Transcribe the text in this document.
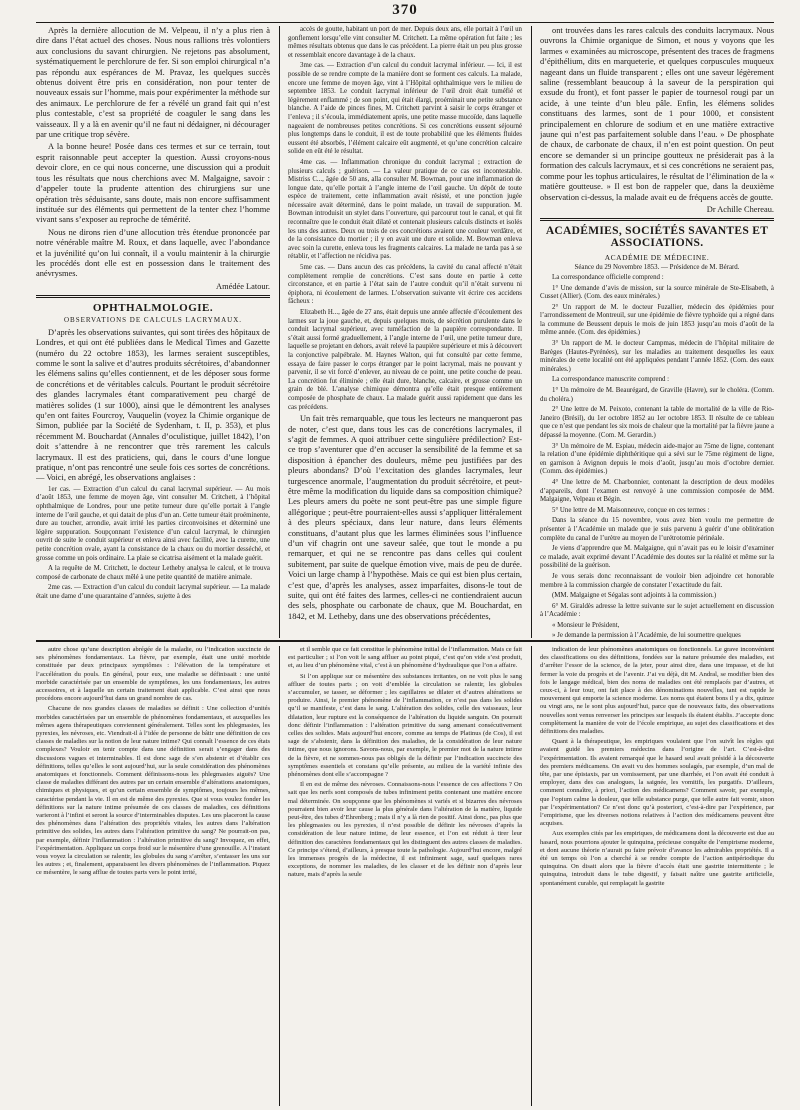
370

Après la dernière allocution de M. Velpeau, il n’y a plus rien à dire dans l’état actuel des choses. Nous nous rallions très volontiers aux conclusions du savant chirurgien. Ne rejetons pas absolument, systématiquement le perchlorure de fer. Si son emploi chirurgical n’a pas répondu aux espérances de M. Pravaz, les quelques succès obtenus doivent être pris en considération, non pour tenter de nouveaux essais sur l’homme, mais pour expérimenter la méthode sur des animaux. Le perchlorure de fer a révélé un grand fait qui n’est plus contestable, c’est sa propriété de coaguler le sang dans les vaisseaux. Il y a là en avenir qu’il ne faut ni dédaigner, ni décourager par une critique trop sévère.

A la bonne heure! Posée dans ces termes et sur ce terrain, tout esprit raisonnable peut accepter la question. Aussi croyons-nous devoir clore, en ce qui nous concerne, une discussion qui a produit tous les résultats que nous cherchions avec M. Malgaigne, savoir : d’appeler toute la prudente attention des chirurgiens sur une opération très séduisante, sans doute, mais non encore suffisamment instituée sur des éléments qui permettent de la tenter chez l’homme vivant sans s’exposer au reproche de témérité.

Nous ne dirons rien d’une allocution très étendue prononcée par notre vénérable maître M. Roux, et dans laquelle, avec l’abondance et la juvénilité qu’on lui connaît, il a voulu maintenir à la chirurgie les procédés dont elle est en possession dans le traitement des anévrysmes.

Amédée Latour.
OPHTHALMOLOGIE.
OBSERVATIONS DE CALCULS LACRYMAUX.

D’après les observations suivantes, qui sont tirées des hôpitaux de Londres, et qui ont été publiées dans le Medical Times and Gazette (numéro du 22 octobre 1853), les larmes seraient susceptibles, comme le sont la salive et d’autres produits sécrétoires, d’abandonner les élémens salins qu’elles contiennent, et de les déposer sous forme de concrétions et de véritables calculs. Pourtant le produit sécrétoire des glandes lacrymales étant comparativement peu chargé de matières solides (1 sur 1000), ainsi que le démontrent les analyses qu’en ont faites Fourcroy, Vauquelin (voyez la Chimie organique de Simon, publiée par la Société de Sydenham, t. II, p. 353), et plus récemment M. Bouchardat (Annales d’oculistique, juillet 1842), l’on doit s’attendre à ne rencontrer que très rarement les calculs lacrymaux. Il est des praticiens, qui, dans le cours d’une longue pratique, n’ont pas rencontré une seule fois ces sortes de concrétions. — Voici, en abrégé, les observations anglaises :

1er cas. — Extraction d’un calcul du canal lacrymal supérieur. — Au mois d’août 1853, une femme de moyen âge, vint consulter M. Critchett, à l’hôpital ophthalmique de Londres, pour une petite tumeur dure qu’elle portait à l’angle interne de l’œil gauche, et qui datait de plus d’un an. Cette tumeur était proéminente, dure au toucher, arrondie, avait irrité les parties circonvoisines et déterminé une légère suppuration. Soupçonnant l’existence d’un calcul lacrymal, le chirurgien ouvrit de suite le conduit supérieur et enleva ainsi avec facilité, avec la curette, une petite concrétion ovale, ayant la consistance de la chaux ou du mortier desséché, et grosse comme un pois ordinaire. La plaie se cicatrisa aisément et la malade guérit.

A la requête de M. Critchett, le docteur Letheby analysa le calcul, et le trouva composé de carbonate de chaux mêlé à une petite quantité de matière animale.

2me cas. — Extraction d’un calcul du conduit lacrymal supérieur. — La malade était une dame d’une quarantaine d’années, sujette à des

accès de goutte, habitant un port de mer. Depuis deux ans, elle portait à l’œil un gonflement lorsqu’elle vint consulter M. Critchett. La même opération fut faite ; les mêmes résultats obtenus que dans le cas précédent. La pierre était un peu plus grosse et ressemblait encore davantage à de la chaux.

3me cas. — Extraction d’un calcul du conduit lacrymal inférieur. — Ici, il est possible de se rendre compte de la manière dont se forment ces calculs. La malade, encore une femme de moyen âge, vint à l’Hôpital ophthalmique vers le milieu de septembre 1853. Le conduit lacrymal inférieur de l’œil droit était tuméfié et légèrement enflammé ; de son point, qui était élargi, proéminait une petite substance blanche. A l’aide de pinces fines, M. Critchett parvint à saisir le corps étranger et l’enleva ; il s’écoula, immédiatement après, une petite masse mucoïde, dans laquelle nageaient de nombreuses petites concrétions. Si ces concrétions eussent séjourné plus longtemps dans le conduit, il est de toute probabilité que les éléments fluides eussent été absorbés, l’élément calcaire eût augmenté, et qu’une concrétion calcaire solide en eût été le résultat.

4me cas. — Inflammation chronique du conduit lacrymal ; extraction de plusieurs calculs ; guérison. — La valeur pratique de ce cas est incontestable. Mistriss C..., âgée de 50 ans, alla consulter M. Bowman, pour une inflammation de longue date, qu’elle portait à l’angle interne de l’œil gauche. Un dépôt de toute espèce de traitement, cette inflammation avait résisté, et une ponction jugée nécessaire avait déterminé, dans le point malade, un travail de suppuration. M. Bowman introduisit un stylet dans l’ouverture, qui parcourut tout le canal, et qui fit reconnaître que le conduit était dilaté et contenait plusieurs calculs distincts et isolés les uns des autres. Deux ou trois de ces concrétions avaient une couleur verdâtre, et de la consistance du mortier ; il y en avait une dure et solide. M. Bowman enleva avec soin la curette, enleva tous les fragments calcaires. La malade ne tarda pas à se rétablir, et l’affection ne récidiva pas.

5me cas. — Dans aucun des cas précédens, la cavité du canal affecté n’était complètement remplie de concrétions. C’est sans doute en partie à cette circonstance, et en partie à l’état sain de l’autre conduit qu’il n’était survenu ni épiphora, ni écoulement de larmes. L’observation suivante vit écrire ces accidens fâcheux :

Elizabeth H..., âgée de 27 ans, était depuis une année affectée d’écoulement des larmes sur la joue gauche, et, depuis quelques mois, de sécrétion purulente dans le conduit lacrymal supérieur, avec tuméfaction de la paupière correspondante. Il s’était aussi formé graduellement, à l’angle interne de l’œil, une petite tumeur dure, laquelle se projetant en dehors, avait relevé la paupière supérieure et mis à découvert la conjonctive palpébrale. M. Haynes Walton, qui fut consulté par cette femme, essaya de faire passer le corps étranger par le point lacrymal, mais ne pouvant y parvenir, il se vit forcé d’enlever, au niveau de ce point, une petite couche de peau. La concrétion fut éliminée ; elle était dure, blanche, calcaire, et grosse comme un grain de blé. L’analyse chimique démontra qu’elle était presque entièrement composée de phosphate de chaux. La malade guérit aussi rapidement que dans les cas précédens.

Un fait très remarquable, que tous les lecteurs ne manqueront pas de noter, c’est que, dans tous les cas de concrétions lacrymales, il s’agit de femmes. A quoi attribuer cette singulière prédilection? Est-ce trop s’aventurer que d’en accuser la sensibilité de la femme et sa disposition à épancher des douleurs, même peu justifiées par des pleurs abondans? D’où l’excitation des glandes lacrymales, leur turgescence anormale, l’augmentation du produit sécrétoire, et peut-être même la modification du liquide dans sa composition chimique? Les pleurs amers du poète ne sont peut-être pas une simple figure allégorique ; peut-être pourraient-elles aussi s’appliquer littéralement à des pleurs spéciaux, dans leur nature, dans leurs éléments constituans, d’autant plus que les larmes éliminées sous l’influence d’un vif chagrin ont une saveur salée, que tout le monde a pu remarquer, et qui ne se rencontre pas dans celles qui coulent subitement, par suite de quelque émotion vive, mais de peu de durée. Voici un large champ à l’hypothèse. Mais ce qui est bien plus certain, c’est que, d’après les analyses, assez imparfaites, disons-le tout de suite, qui ont été faites des larmes, celles-ci ne contiendraient aucun des sels, phosphate ou carbonate de chaux, que M. Bouchardat, en 1842, et M. Letheby, dans une des observations précédentes,

ont trouvées dans les rares calculs des conduits lacrymaux. Nous ouvrons la Chimie organique de Simon, et nous y voyons que les larmes « examinées au microscope, présentent des traces de fragmens d’épithélium, dits en marqueterie, et quelques corpuscules muqueux nageant dans un fluide transparent ; elles ont une saveur légèrement saline (ressemblant beaucoup à la saveur de la perspiration qui exsude du front), et font passer le papier de tournesol rougi par un acide, à une teinte d’un bleu pâle. Enfin, les élémens solides constituans des larmes, sont de 1 pour 1000, et consistent principalement en chlorure de sodium et en une matière extractive jaune qui n’est pas parfaitement soluble dans l’eau. » De phosphate de chaux, de carbonate de chaux, il n’en est point question. On peut encore se demander si un principe goutteux ne présiderait pas à la formation des calculs lacrymaux, et si ces concrétions ne seraient pas, comme pour les tophus articulaires, le résultat de l’élimination de la « matière goutteuse. » Il est bon de rappeler que, dans la deuxième observation ci-dessus, la malade avait eu de fréquens accès de goutte.

Dr Achille Chereau.
ACADÉMIES, SOCIÉTÉS SAVANTES ET ASSOCIATIONS.
ACADÉMIE DE MÉDECINE.
Séance du 29 Novembre 1853. — Présidence de M. Bérard.

La correspondance officielle comprend :

1° Une demande d’avis de mission, sur la source minérale de Ste-Elisabeth, à Cusset (Allier). (Com. des eaux minérales.)

2° Un rapport de M. le docteur Fuzallier, médecin des épidémies pour l’arrondissement de Montreuil, sur une épidémie de fièvre typhoïde qui a régné dans la commune de Beussent depuis le mois de juin 1853 jusqu’au mois d’août de la même année. (Com. des épidémies.)

3° Un rapport de M. le docteur Campmas, médecin de l’hôpital militaire de Barèges (Hautes-Pyrénées), sur les maladies au traitement desquelles les eaux minérales de cette localité ont été appliquées pendant l’année 1852. (Com. des eaux minérales.)

La correspondance manuscrite comprend :

1° Un mémoire de M. Beaurégard, de Graville (Havre), sur le choléra. (Comm. du choléra.)

2° Une lettre de M. Peixoto, contenant la table de mortalité de la ville de Rio-Janeiro (Brésil), du 1er octobre 1852 au 1er octobre 1853. Il résulte de ce tableau que ce n’est que pendant les six mois de chaleur que la mortalité par la fièvre jaune a dépassé la moyenne. (Com. M. Gerardin.)

3° Un mémoire de M. Espiau, médecin aide-major au 75me de ligne, contenant la relation d’une épidémie diphthéritique qui a sévi sur le 75me régiment de ligne, en garnison à Avignon depuis le mois d’août, jusqu’au mois d’octobre dernier. (Comm. des épidémies.)

4° Une lettre de M. Charbonnier, contenant la description de deux modèles d’appareils, dont l’examen est renvoyé à une commission composée de MM. Malgaigne, Velpeau et Bégin.

5° Une lettre de M. Maisonneuve, conçue en ces termes :

Dans la séance du 15 novembre, vous avez bien voulu me permettre de présenter à l’Académie un malade que je suis parvenu à guérir d’une oblitération complète du canal de l’urètre au moyen de l’urétrotomie périnéale.

Je viens d’apprendre que M. Malgaigne, qui n’avait pas eu le loisir d’examiner ce malade, avait exprimé devant l’Académie des doutes sur la réalité et même sur la possibilité de la guérison.

Je vous serais donc reconnaissant de vouloir bien adjoindre cet honorable membre à la commission chargée de constater l’exactitude du fait.

(MM. Malgaigne et Ségalas sont adjoints à la commission.)

6° M. Giraldès adresse la lettre suivante sur le sujet actuellement en discussion à l’Académie :

« Monsieur le Président,

» Je demande la permission à l’Académie, de lui soumettre quelques

autre chose qu’une description abrégée de la maladie, ou l’indication succincte de ses phénomènes fondamentaux. La fièvre, par exemple, était une unité morbide constituée par deux principaux symptômes : l’élévation de la température et l’accélération du pouls. En général, pour eux, une maladie se définissait : une unité morbide caractérisée par un ensemble de symptômes, les uns fondamentaux, les autres accessoires, et à laquelle un certain traitement était applicable. C’est ainsi que nous procédons encore aujourd’hui dans un grand nombre de cas.

Chacune de nos grandes classes de maladies se définit : Une collection d’unités morbides caractérisées par un ensemble de phénomènes fondamentaux, et auxquelles les mêmes agens thérapeutiques conviennent généralement. Telles sont les phlegmasies, les pyrexies, les névroses, etc. Viendrait-il à l’idée de personne de bâtir une définition de ces classes de maladies sur la notion de leur nature intime? Qui connaît l’essence de ces états complexes? Vouloir en tenir compte dans une définition serait s’engager dans des discussions vagues et interminables. Il est donc sage de s’en abstenir et d’établir ces définitions, telles qu’elles le sont aujourd’hui, sur la seule considération des phénomènes anatomiques et fonctionnels. Comment définissons-nous les phlegmasies aiguës? Une classe de maladies différant des autres par un certain ensemble d’altérations anatomiques, chimiques et physiques, et qu’un certain ensemble de symptômes, toujours les mêmes, caractérise pendant la vie. Il en est de même des pyrexies. Que si vous voulez fonder les définitions sur la nature intime présumée de ces classes de maladies, ces définitions varieront à l’infini et seront la source d’interminables disputes. Les uns placeront la cause des phénomènes dans l’altération des propriétés vitales, les autres dans l’altération primitive des solides, les autres dans l’altération primitive du sang? Ne pourrait-on pas, par exemple, définir l’inflammation : l’altération primitive du sang? Invoquez, en effet, l’expérimentation. Appliquez un corps froid sur le mésentère d’une grenouille. A l’instant vous voyez la circulation se ralentir, les globules du sang s’arrêter, s’entasser les uns sur les autres ; et, finalement, apparaissent les divers phénomènes de l’inflammation. Piquez ce mésentère, le sang afflue de toutes parts vers le point irrité,

et il semble que ce fait constitue le phénomène initial de l’inflammation. Mais ce fait est particulier ; si l’on voit le sang affluer au point piqué, c’est qu’on vide s’est produit, et, au lieu d’un phénomène vital, c’est à un phénomène d’hydraulique que l’on a affaire.

Si l’on applique sur ce mésentère des substances irritantes, on ne voit plus le sang affluer de toutes parts ; on voit d’emblée la circulation se ralentir, les globules s’accumuler, se tasser, se déformer ; les capillaires se dilater et d’autres altérations se produire. Ainsi, le premier phénomène de l’inflammation, ce n’est pas dans les solides qu’il se manifeste, c’est dans le sang. L’altération des solides, celle des vaisseaux, leur dilatation, leur rupture est la conséquence de l’altération du liquide sanguin. On pourrait donc définir l’inflammation : l’altération primitive du sang amenant consécutivement celles des solides. Mais aujourd’hui encore, comme au temps de Platinus (de Cos), il est sage de s’abstenir, dans la définition des maladies, de la considération de leur nature intime, que nous ignorons. Savons-nous, par exemple, le premier mot de la nature intime de la fièvre, et ne sommes-nous pas obligés de la définir par l’indication succincte des symptômes essentiels et constans qu’elle présente, au milieu de la variété infinie des phénomènes dont elle s’accompagne ?

Il en est de même des névroses. Connaissons-nous l’essence de ces affections ? On sait que les nerfs sont composés de tubes infiniment petits contenant une matière encore mal déterminée. On soupçonne que les phénomènes si variés et si bizarres des névroses pourraient bien avoir leur cause la plus générale dans l’altération de la matière, liquide peut-être, des tubes d’Ehrenberg ; mais il n’y a là rien de positif. Ainsi donc, pas plus que les phlegmasies ou les pyrexies, il n’est possible de définir les névroses d’après la considération de leur nature intime, de leur essence, et l’on est réduit à tirer leur définition des caractères fondamentaux qui les distinguent des autres classes de maladies. Ce principe s’étend, d’ailleurs, à presque toute la pathologie. Aujourd’hui encore, malgré les immenses progrès de la médecine, il est infiniment sage, sauf quelques rares exceptions, de nommer les maladies, de les classer et de les définir non d’après leur nature, mais d’après la seule

indication de leur phénomènes anatomiques ou fonctionnels. Le grave inconvénient des classifications ou des définitions, fondées sur la nature présumée des maladies, est d’arrêter l’essor de la science, de la jeter, pour ainsi dire, dans une impasse, et de lui fermer la voie du progrès et de l’avenir. J’ai vu déjà, dit M. Andral, se modifier bien des fois le langage médical, bien des noms de maladies ont été remplacés par d’autres, et ceux-ci, à leur tour, ont fait place à des dénominations nouvelles, tant est rapide le mouvement qui emporte la science moderne. Les noms qui étaient bons il y a dix, quinze ou vingt ans, ne le sont plus aujourd’hui, parce que de nouveaux faits, des observations nouvelles sont venus renverser les principes sur lesquels ils étaient établis. J’accepte donc complètement la manière de voir de l’école empirique, au sujet des classifications et des définitions des maladies.

Quant à la thérapeutique, les empiriques voulaient que l’on suivît les règles qui avaient guidé les premiers médecins dans l’origine de l’art. C’est-à-dire l’expérimentation. Ils avaient remarqué que le hasard seul avait présidé à la découverte des premiers médicamens. On avait vu des hommes soulagés, par exemple, d’un mal de tête, par une épistaxis, par un vomissement, par une diarrhée, et l’on avait été conduit à employer, dans des cas analogues, la saignée, les vomitifs, les purgatifs. D’ailleurs, comment connaître, à priori, l’action des médicamens? Comment savoir, par exemple, que l’opium calme la douleur, que telle substance purge, que telle autre fait vomir, sinon par l’expérimentation? Ce n’est donc qu’à posteriori, c’est-à-dire par l’expérience, par l’empirisme, que les diverses notions relatives à l’action des médicamens peuvent être acquises.

Aux exemples cités par les empiriques, de médicamens dont la découverte est due au hasard, nous pourrions ajouter le quinquina, précieuse conquête de l’empirisme moderne, et dont aucune théorie n’aurait pu faire prévoir d’avance les admirables propriétés. Il a été un temps où l’on a cherché à se rendre compte de l’action antipériodique du quinquina. On disait alors que la fièvre d’accès était une gastrite intermittente ; le quinquina, introduit dans le tube digestif, y faisait naître une gastrite artificielle, spontanément curable, qui remplaçait la gastrite
